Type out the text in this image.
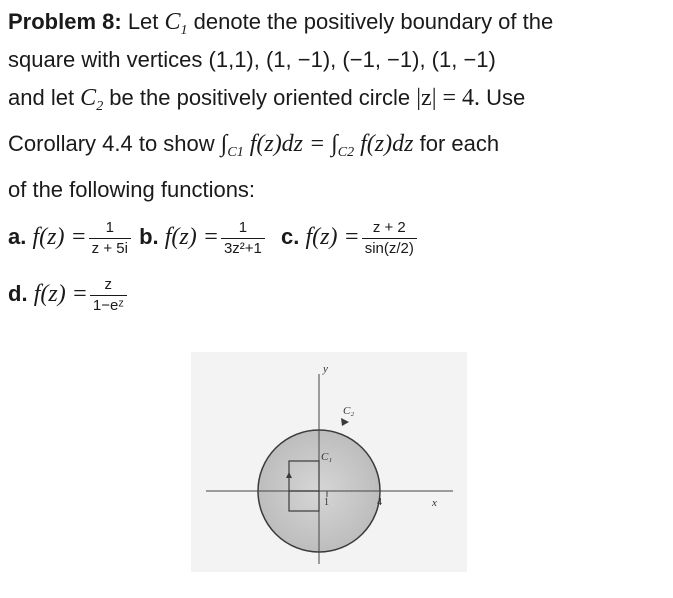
Problem 8: Let $C_1$ denote the positively boundary of the
square with vertices (1,1), (1, −1), (−1, −1), (1, −1)
and let $C_2$ be the positively oriented circle |z| = 4. Use
Corollary 4.4 to show $\int_{C1}$ $f(z)dz = \int_{C2}$ f(z)dz for each
of the following functions:
a. $f(z) = \frac{1}{z + 5i} b$. $f(z) = \frac{1}{\text{3z²+1}} c$. $f(z) = \frac{z + 2}{\sin(z/2)}$
d. $f(z) = \frac{z}{\text{1−eᶻ}}$
y
x
C₂
C₁
1	4
